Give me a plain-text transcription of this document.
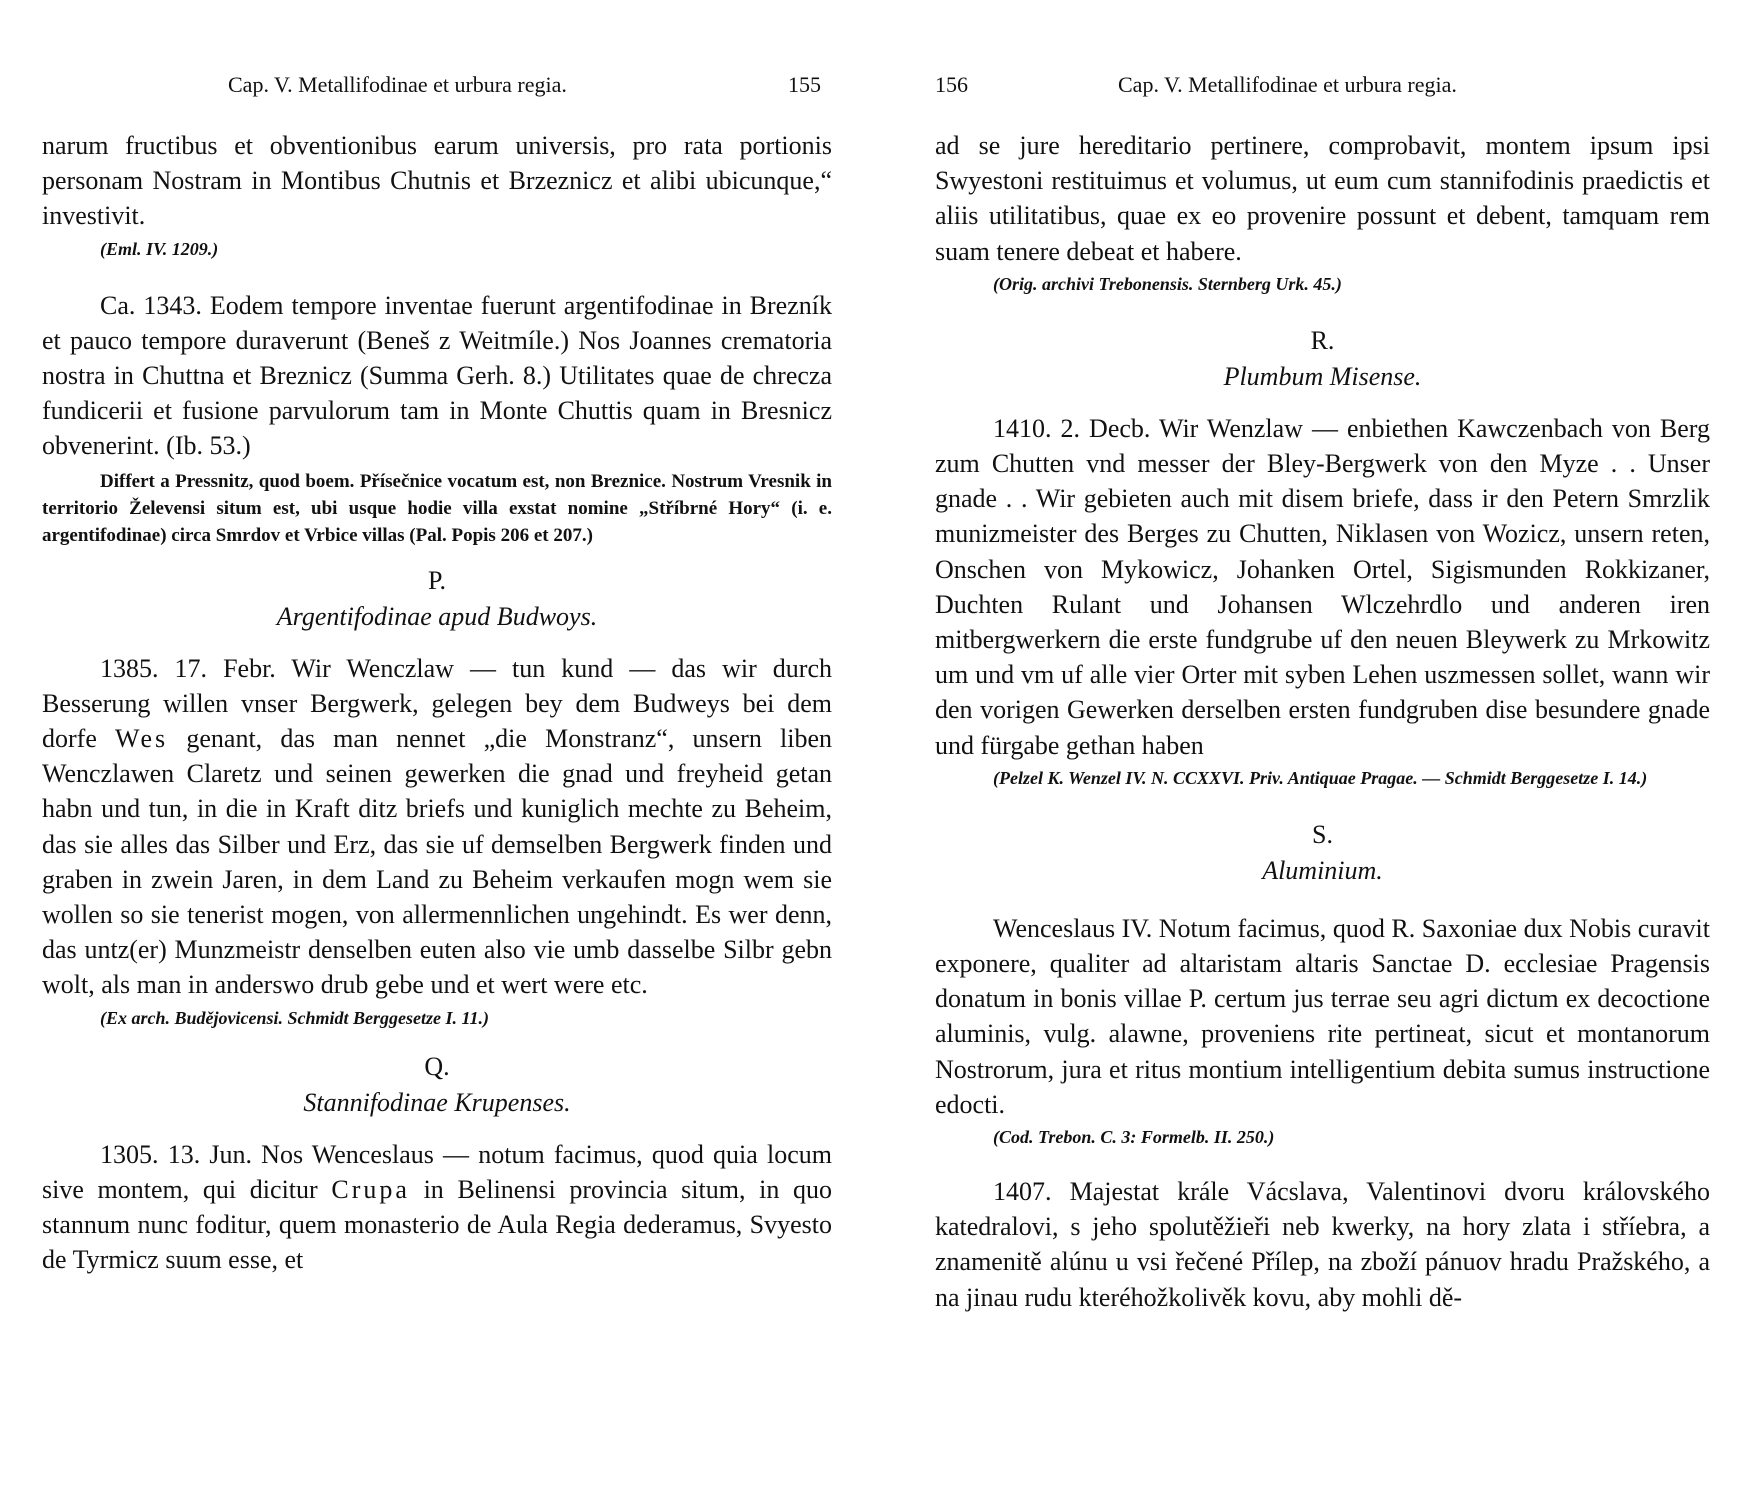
Cap. V. Metallifodinae et urbura regia.	155

narum fructibus et obventionibus earum universis, pro rata portionis personam Nostram in Montibus Chutnis et Brzeznicz et alibi ubicunque,“ investivit.

(Eml. IV. 1209.)

Ca. 1343. Eodem tempore inventae fuerunt argentifodinae in Brezník et pauco tempore duraverunt (Beneš z Weitmíle.) Nos Joannes crematoria nostra in Chuttna et Breznicz (Summa Gerh. 8.) Utilitates quae de chrecza fundicerii et fusione parvulorum tam in Monte Chuttis quam in Bresnicz obvenerint. (Ib. 53.)

Differt a Pressnitz, quod boem. Přísečnice vocatum est, non Breznice. Nostrum Vresnik in territorio Želevensi situm est, ubi usque hodie villa exstat nomine „Stříbrné Hory“ (i. e. argentifodinae) circa Smrdov et Vrbice villas (Pal. Popis 206 et 207.)
P.
Argentifodinae apud Budwoys.

1385. 17. Febr. Wir Wenczlaw — tun kund — das wir durch Besserung willen vnser Bergwerk, gelegen bey dem Budweys bei dem dorfe Wes genant, das man nennet „die Monstranz“, unsern liben Wenczlawen Claretz und seinen gewerken die gnad und freyheid getan habn und tun, in die in Kraft ditz briefs und kuniglich mechte zu Beheim, das sie alles das Silber und Erz, das sie uf demselben Bergwerk finden und graben in zwein Jaren, in dem Land zu Beheim verkaufen mogn wem sie wollen so sie tenerist mogen, von allermennlichen ungehindt. Es wer denn, das untz(er) Munzmeistr denselben euten also vie umb dasselbe Silbr gebn wolt, als man in anderswo drub gebe und et wert were etc.

(Ex arch. Budějovicensi. Schmidt Berggesetze I. 11.)
Q.
Stannifodinae Krupenses.

1305. 13. Jun. Nos Wenceslaus — notum facimus, quod quia locum sive montem, qui dicitur Crupa in Belinensi provincia situm, in quo stannum nunc foditur, quem monasterio de Aula Regia dederamus, Svyesto de Tyrmicz suum esse, et

156	Cap. V. Metallifodinae et urbura regia.

ad se jure hereditario pertinere, comprobavit, montem ipsum ipsi Swyestoni restituimus et volumus, ut eum cum stannifodinis praedictis et aliis utilitatibus, quae ex eo provenire possunt et debent, tamquam rem suam tenere debeat et habere.

(Orig. archivi Trebonensis. Sternberg Urk. 45.)
R.
Plumbum Misense.

1410. 2. Decb. Wir Wenzlaw — enbiethen Kawczenbach von Berg zum Chutten vnd messer der Bley-Bergwerk von den Myze . . Unser gnade . . Wir gebieten auch mit disem briefe, dass ir den Petern Smrzlik munizmeister des Berges zu Chutten, Niklasen von Wozicz, unsern reten, Onschen von Mykowicz, Johanken Ortel, Sigismunden Rokkizaner, Duchten Rulant und Johansen Wlczehrdlo und anderen iren mitbergwerkern die erste fundgrube uf den neuen Bleywerk zu Mrkowitz um und vm uf alle vier Orter mit syben Lehen uszmessen sollet, wann wir den vorigen Gewerken derselben ersten fundgruben dise besundere gnade und fürgabe gethan haben

(Pelzel K. Wenzel IV. N. CCXXVI. Priv. Antiquae Pragae. — Schmidt Berggesetze I. 14.)
S.
Aluminium.

Wenceslaus IV. Notum facimus, quod R. Saxoniae dux Nobis curavit exponere, qualiter ad altaristam altaris Sanctae D. ecclesiae Pragensis donatum in bonis villae P. certum jus terrae seu agri dictum ex decoctione aluminis, vulg. alawne, proveniens rite pertineat, sicut et montanorum Nostrorum, jura et ritus montium intelligentium debita sumus instructione edocti.

(Cod. Trebon. C. 3: Formelb. II. 250.)

1407. Majestat krále Vácslava, Valentinovi dvoru královského katedralovi, s jeho spolutěžieři neb kwerky, na hory zlata i stříebra, a znamenitě alúnu u vsi řečené Přílep, na zboží pánuov hradu Pražského, a na jinau rudu kteréhožkolivěk kovu, aby mohli dě-
